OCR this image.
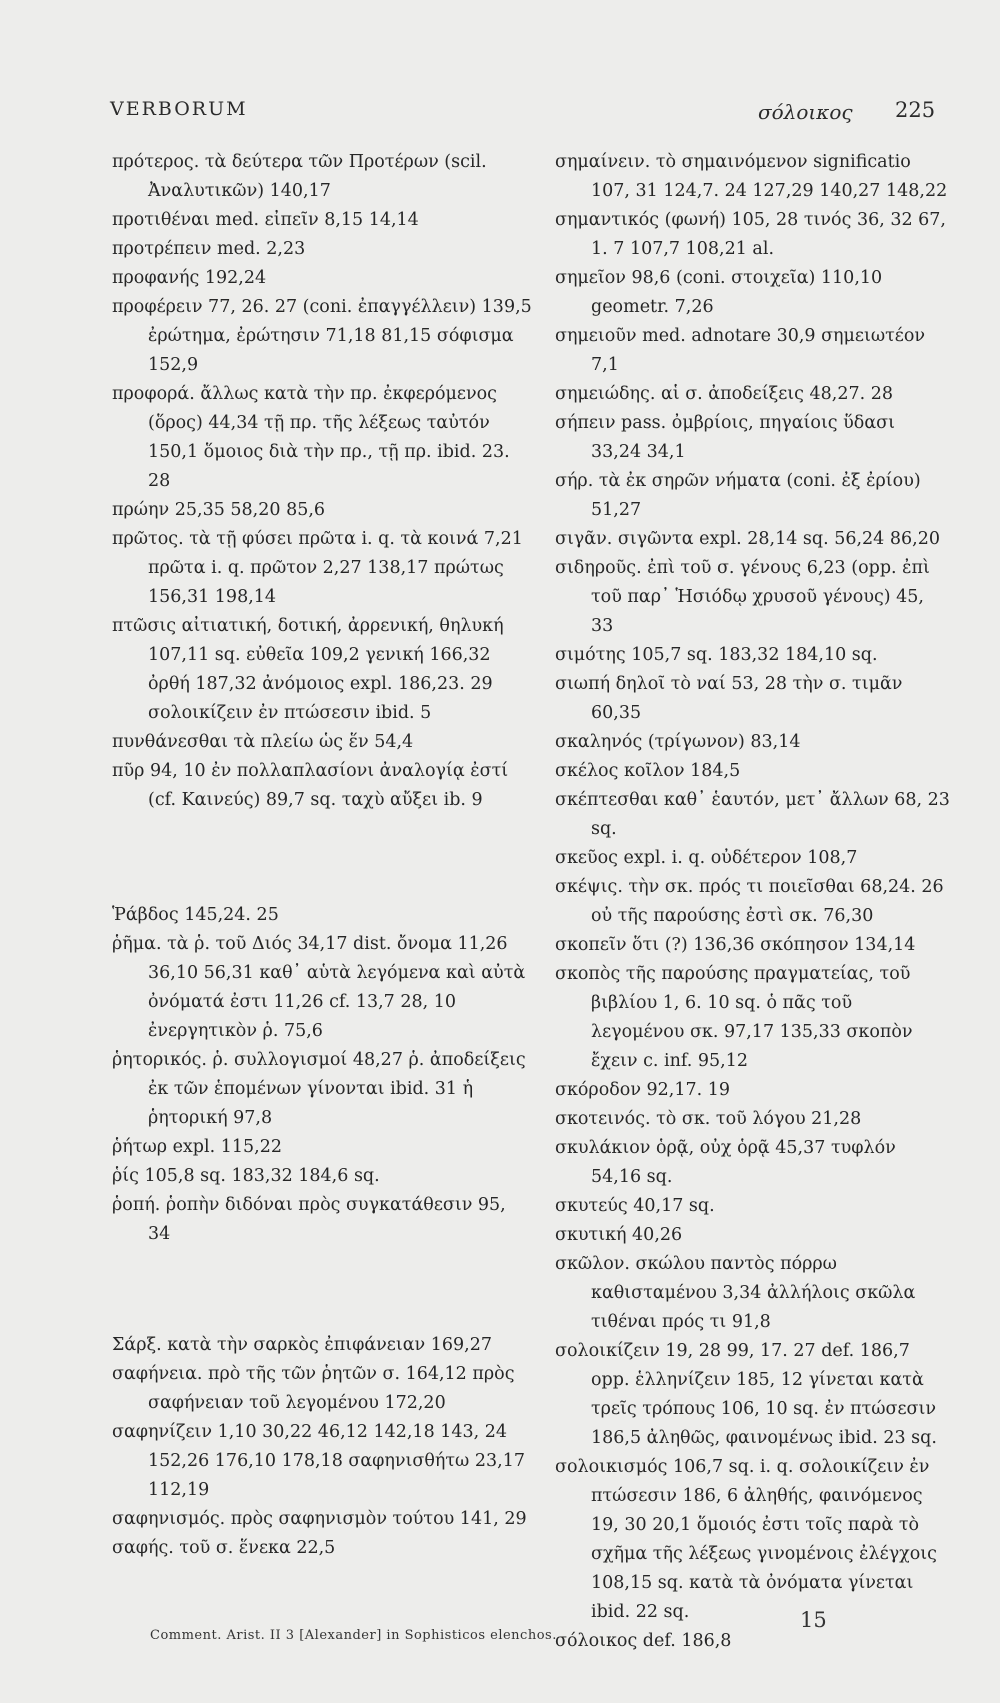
VERBORUM	σόλοικος 225

πρότερος. τὰ δεύτερα τῶν Προτέρων (scil. Ἀναλυτικῶν) 140,17

προτιθέναι med. εἰπεῖν 8,15 14,14

προτρέπειν med. 2,23

προφανής 192,24

προφέρειν 77, 26. 27 (coni. ἐπαγγέλλειν) 139,5 ἐρώτημα, ἐρώτησιν 71,18 81,15 σόφισμα 152,9

προφορά. ἄλλως κατὰ τὴν πρ. ἐκφερόμενος (ὅρος) 44,34 τῇ πρ. τῆς λέξεως ταὐτόν 150,1 ὅμοιος διὰ τὴν πρ., τῇ πρ. ibid. 23. 28

πρώην 25,35 58,20 85,6

πρῶτος. τὰ τῇ φύσει πρῶτα i. q. τὰ κοινά 7,21 πρῶτα i. q. πρῶτον 2,27 138,17 πρώτως 156,31 198,14

πτῶσις αἰτιατική, δοτική, ἀρρενική, θηλυκή 107,11 sq. εὐθεῖα 109,2 γενική 166,32 ὀρθή 187,32 ἀνόμοιος expl. 186,23. 29 σολοικίζειν ἐν πτώσεσιν ibid. 5

πυνθάνεσθαι τὰ πλείω ὡς ἕν 54,4

πῦρ 94, 10 ἐν πολλαπλασίονι ἀναλογίᾳ ἐστί (cf. Καινεύς) 89,7 sq. ταχὺ αὔξει ib. 9

Ῥάβδος 145,24. 25

ῥῆμα. τὰ ῥ. τοῦ Διός 34,17 dist. ὄνομα 11,26 36,10 56,31 καθ᾽ αὑτὰ λεγόμενα καὶ αὐτὰ ὀνόματά ἐστι 11,26 cf. 13,7 28, 10 ἐνεργητικὸν ῥ. 75,6

ῥητορικός. ῥ. συλλογισμοί 48,27 ῥ. ἀποδείξεις ἐκ τῶν ἑπομένων γίνονται ibid. 31 ἡ ῥητορική 97,8

ῥήτωρ expl. 115,22

ῥίς 105,8 sq. 183,32 184,6 sq.

ῥοπή. ῥοπὴν διδόναι πρὸς συγκατάθεσιν 95, 34

Σάρξ. κατὰ τὴν σαρκὸς ἐπιφάνειαν 169,27

σαφήνεια. πρὸ τῆς τῶν ῥητῶν σ. 164,12 πρὸς σαφήνειαν τοῦ λεγομένου 172,20

σαφηνίζειν 1,10 30,22 46,12 142,18 143, 24 152,26 176,10 178,18 σαφηνισθήτω 23,17 112,19

σαφηνισμός. πρὸς σαφηνισμὸν τούτου 141, 29

σαφής. τοῦ σ. ἕνεκα 22,5

σημαίνειν. τὸ σημαινόμενον significatio 107, 31 124,7. 24 127,29 140,27 148,22

σημαντικός (φωνή) 105, 28 τινός 36, 32 67, 1. 7 107,7 108,21 al.

σημεῖον 98,6 (coni. στοιχεῖα) 110,10 geometr. 7,26

σημειοῦν med. adnotare 30,9 σημειωτέον 7,1

σημειώδης. αἱ σ. ἀποδείξεις 48,27. 28

σήπειν pass. ὀμβρίοις, πηγαίοις ὕδασι 33,24 34,1

σήρ. τὰ ἐκ σηρῶν νήματα (coni. ἐξ ἐρίου) 51,27

σιγᾶν. σιγῶντα expl. 28,14 sq. 56,24 86,20

σιδηροῦς. ἐπὶ τοῦ σ. γένους 6,23 (opp. ἐπὶ τοῦ παρ᾽ Ἡσιόδῳ χρυσοῦ γένους) 45, 33

σιμότης 105,7 sq. 183,32 184,10 sq.

σιωπή δηλοῖ τὸ ναί 53, 28 τὴν σ. τιμᾶν 60,35

σκαληνός (τρίγωνον) 83,14

σκέλος κοῖλον 184,5

σκέπτεσθαι καθ᾽ ἑαυτόν, μετ᾽ ἄλλων 68, 23 sq.

σκεῦος expl. i. q. οὐδέτερον 108,7

σκέψις. τὴν σκ. πρός τι ποιεῖσθαι 68,24. 26 οὐ τῆς παρούσης ἐστὶ σκ. 76,30

σκοπεῖν ὅτι (?) 136,36 σκόπησον 134,14

σκοπὸς τῆς παρούσης πραγματείας, τοῦ βιβλίου 1, 6. 10 sq. ὁ πᾶς τοῦ λεγομένου σκ. 97,17 135,33 σκοπὸν ἔχειν c. inf. 95,12

σκόροδον 92,17. 19

σκοτεινός. τὸ σκ. τοῦ λόγου 21,28

σκυλάκιον ὁρᾷ, οὐχ ὁρᾷ 45,37 τυφλόν 54,16 sq.

σκυτεύς 40,17 sq.

σκυτική 40,26

σκῶλον. σκώλου παντὸς πόρρω καθισταμένου 3,34 ἀλλήλοις σκῶλα τιθέναι πρός τι 91,8

σολοικίζειν 19, 28 99, 17. 27 def. 186,7 opp. ἑλληνίζειν 185, 12 γίνεται κατὰ τρεῖς τρόπους 106, 10 sq. ἐν πτώσεσιν 186,5 ἀληθῶς, φαινομένως ibid. 23 sq.

σολοικισμός 106,7 sq. i. q. σολοικίζειν ἐν πτώσεσιν 186, 6 ἀληθής, φαινόμενος 19, 30 20,1 ὅμοιός ἐστι τοῖς παρὰ τὸ σχῆμα τῆς λέξεως γινομένοις ἐλέγχοις 108,15 sq. κατὰ τὰ ὀνόματα γίνεται ibid. 22 sq.

σόλοικος def. 186,8

Comment. Arist. II 3 [Alexander] in Sophisticos elenchos.
15
